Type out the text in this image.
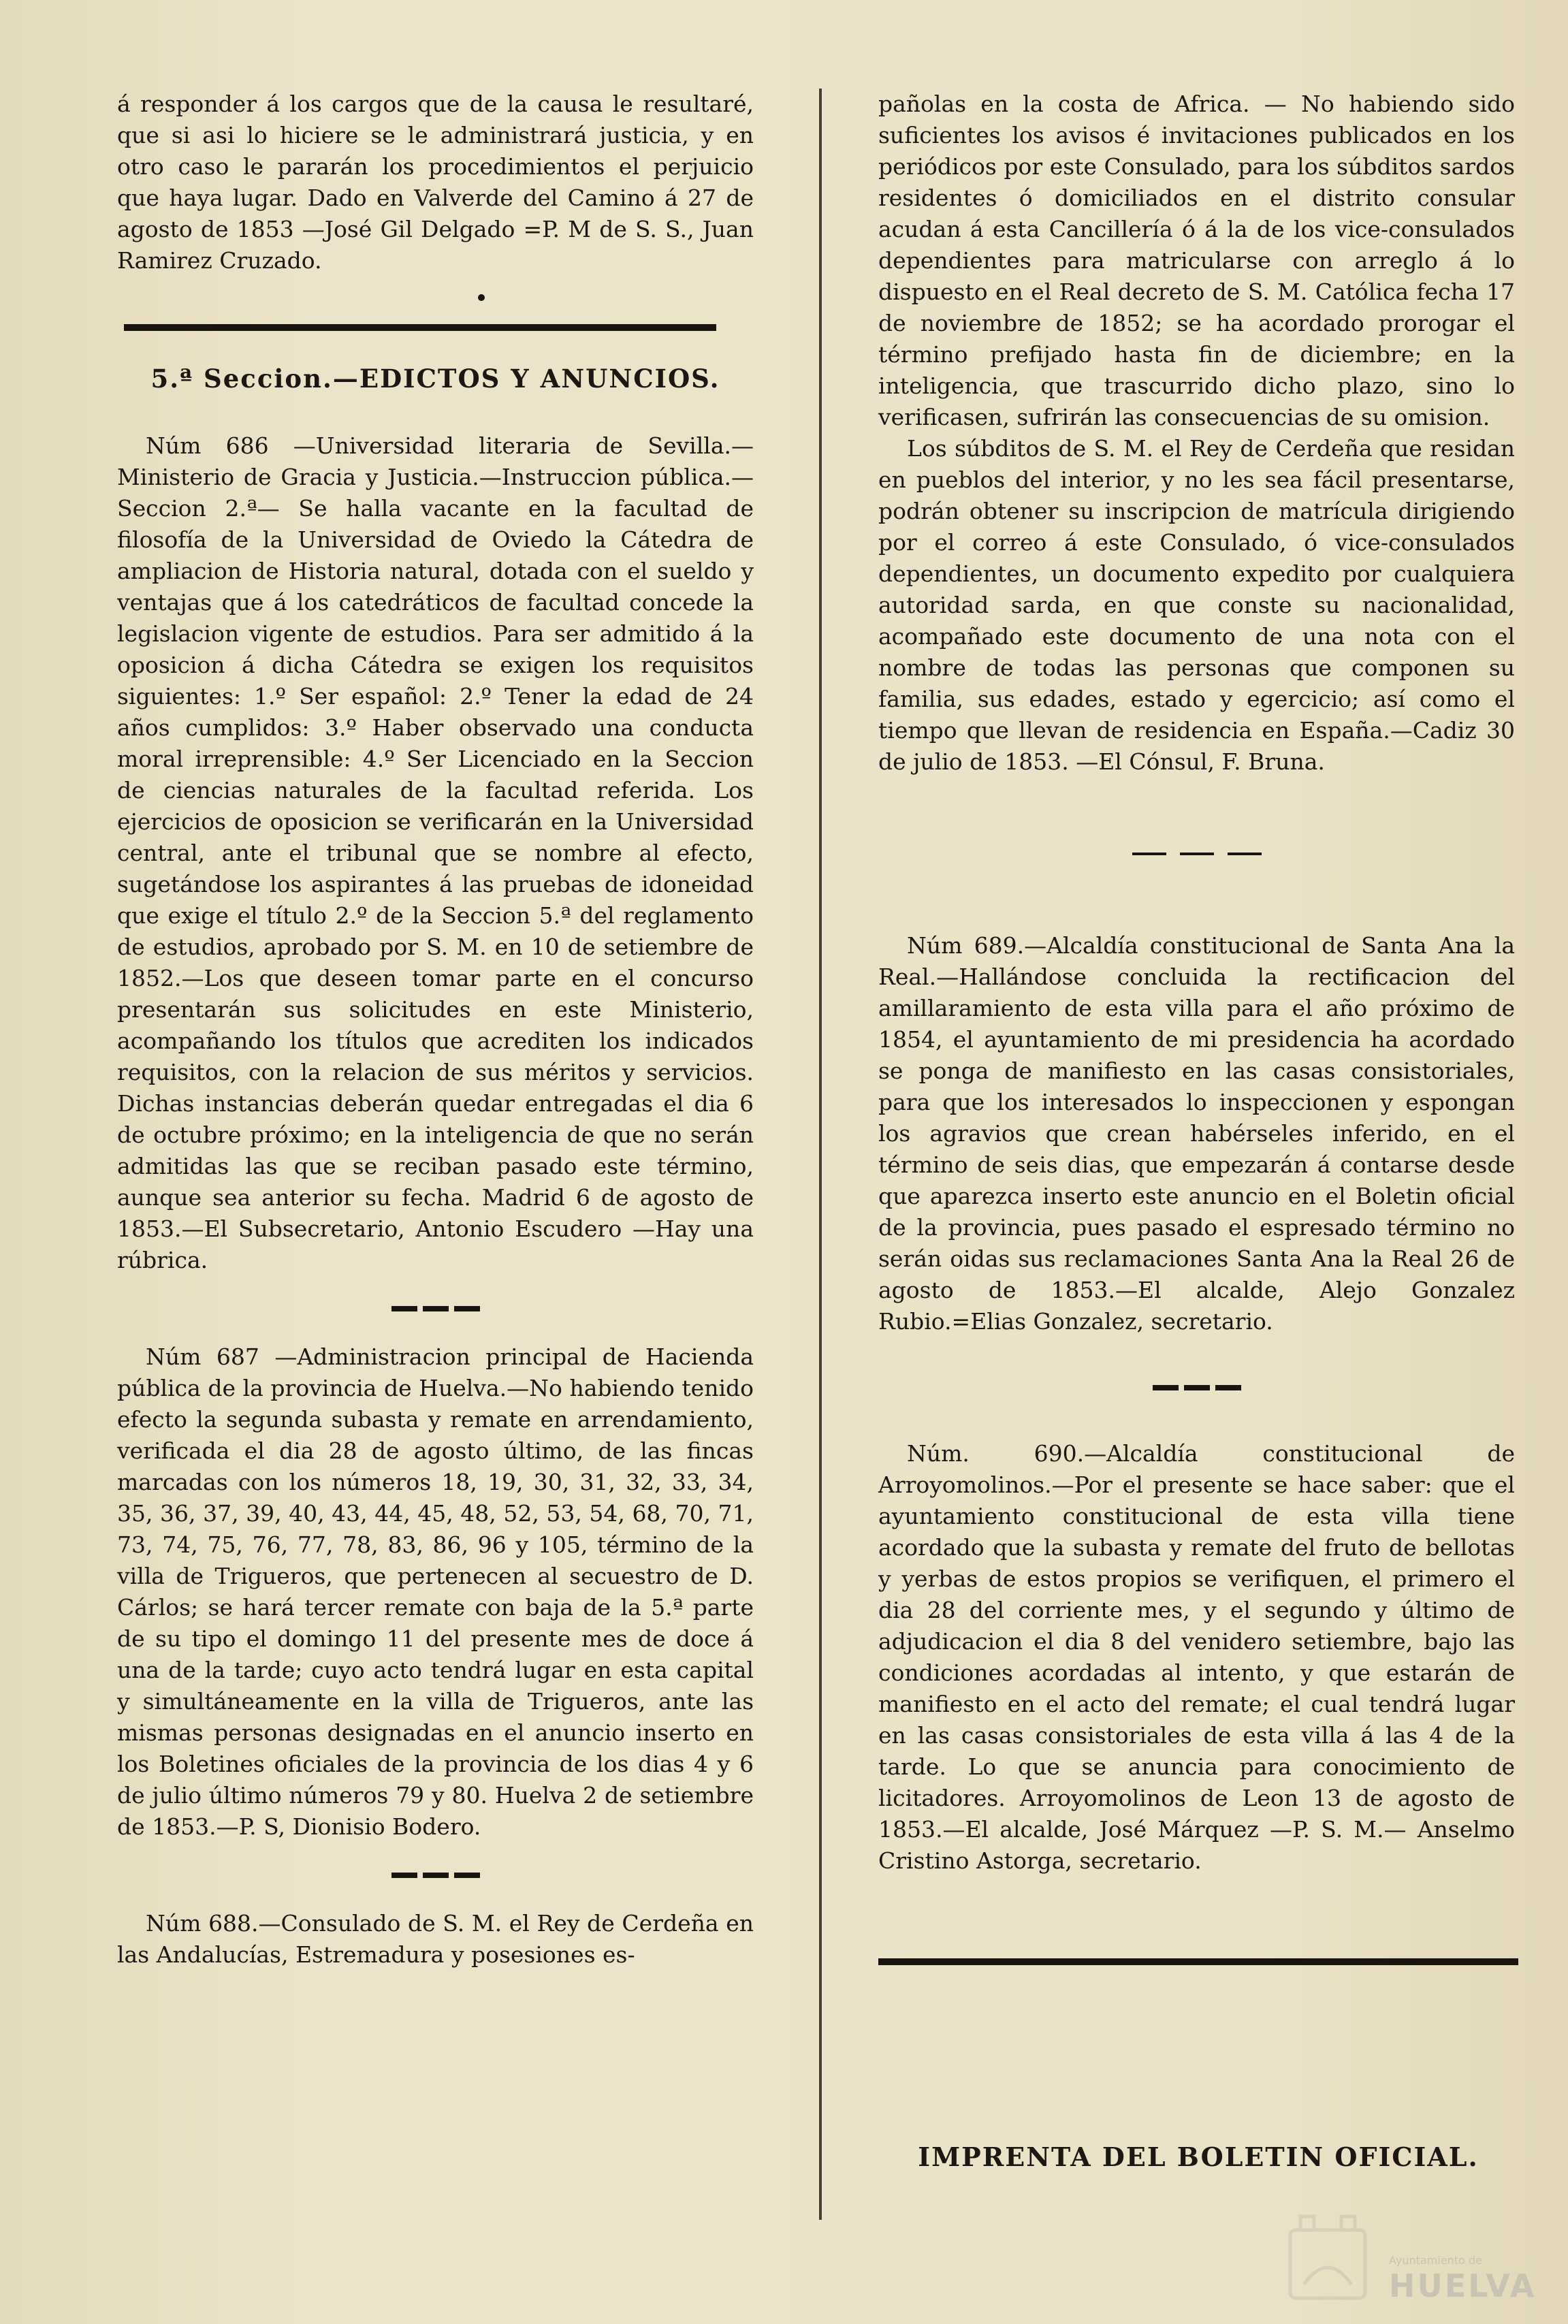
á responder á los cargos que de la causa le resultaré, que si asi lo hiciere se le administrará justicia, y en otro caso le pararán los procedimientos el perjuicio que haya lugar. Dado en Valverde del Camino á 27 de agosto de 1853 —José Gil Delgado =P. M de S. S., Juan Ramirez Cruzado.

5.ª Seccion.—EDICTOS Y ANUNCIOS.

Núm 686 —Universidad literaria de Sevilla.— Ministerio de Gracia y Justicia.—Instruccion pública.—Seccion 2.ª— Se halla vacante en la facultad de filosofía de la Universidad de Oviedo la Cátedra de ampliacion de Historia natural, dotada con el sueldo y ventajas que á los catedráticos de facultad concede la legislacion vigente de estudios. Para ser admitido á la oposicion á dicha Cátedra se exigen los requisitos siguientes: 1.º Ser español: 2.º Tener la edad de 24 años cumplidos: 3.º Haber observado una conducta moral irreprensible: 4.º Ser Licenciado en la Seccion de ciencias naturales de la facultad referida. Los ejercicios de oposicion se verificarán en la Universidad central, ante el tribunal que se nombre al efecto, sugetándose los aspirantes á las pruebas de idoneidad que exige el título 2.º de la Seccion 5.ª del reglamento de estudios, aprobado por S. M. en 10 de setiembre de 1852.—Los que deseen tomar parte en el concurso presentarán sus solicitudes en este Ministerio, acompañando los títulos que acrediten los indicados requisitos, con la relacion de sus méritos y servicios. Dichas instancias deberán quedar entregadas el dia 6 de octubre próximo; en la inteligencia de que no serán admitidas las que se reciban pasado este término, aunque sea anterior su fecha. Madrid 6 de agosto de 1853.—El Subsecretario, Antonio Escudero —Hay una rúbrica.

Núm 687 —Administracion principal de Hacienda pública de la provincia de Huelva.—No habiendo tenido efecto la segunda subasta y remate en arrendamiento, verificada el dia 28 de agosto último, de las fincas marcadas con los números 18, 19, 30, 31, 32, 33, 34, 35, 36, 37, 39, 40, 43, 44, 45, 48, 52, 53, 54, 68, 70, 71, 73, 74, 75, 76, 77, 78, 83, 86, 96 y 105, término de la villa de Trigueros, que pertenecen al secuestro de D. Cárlos; se hará tercer remate con baja de la 5.ª parte de su tipo el domingo 11 del presente mes de doce á una de la tarde; cuyo acto tendrá lugar en esta capital y simultáneamente en la villa de Trigueros, ante las mismas personas designadas en el anuncio inserto en los Boletines oficiales de la provincia de los dias 4 y 6 de julio último números 79 y 80. Huelva 2 de setiembre de 1853.—P. S, Dionisio Bodero.

Núm 688.—Consulado de S. M. el Rey de Cerdeña en las Andalucías, Estremadura y posesiones es-

pañolas en la costa de Africa. — No habiendo sido suficientes los avisos é invitaciones publicados en los periódicos por este Consulado, para los súbditos sardos residentes ó domiciliados en el distrito consular acudan á esta Cancillería ó á la de los vice-consulados dependientes para matricularse con arreglo á lo dispuesto en el Real decreto de S. M. Católica fecha 17 de noviembre de 1852; se ha acordado prorogar el término prefijado hasta fin de diciembre; en la inteligencia, que trascurrido dicho plazo, sino lo verificasen, sufrirán las consecuencias de su omision.

Los súbditos de S. M. el Rey de Cerdeña que residan en pueblos del interior, y no les sea fácil presentarse, podrán obtener su inscripcion de matrícula dirigiendo por el correo á este Consulado, ó vice-consulados dependientes, un documento expedito por cualquiera autoridad sarda, en que conste su nacionalidad, acompañado este documento de una nota con el nombre de todas las personas que componen su familia, sus edades, estado y egercicio; así como el tiempo que llevan de residencia en España.—Cadiz 30 de julio de 1853. —El Cónsul, F. Bruna.

Núm 689.—Alcaldía constitucional de Santa Ana la Real.—Hallándose concluida la rectificacion del amillaramiento de esta villa para el año próximo de 1854, el ayuntamiento de mi presidencia ha acordado se ponga de manifiesto en las casas consistoriales, para que los interesados lo inspeccionen y espongan los agravios que crean habérseles inferido, en el término de seis dias, que empezarán á contarse desde que aparezca inserto este anuncio en el Boletin oficial de la provincia, pues pasado el espresado término no serán oidas sus reclamaciones Santa Ana la Real 26 de agosto de 1853.—El alcalde, Alejo Gonzalez Rubio.=Elias Gonzalez, secretario.

Núm. 690.—Alcaldía constitucional de Arroyomolinos.—Por el presente se hace saber: que el ayuntamiento constitucional de esta villa tiene acordado que la subasta y remate del fruto de bellotas y yerbas de estos propios se verifiquen, el primero el dia 28 del corriente mes, y el segundo y último de adjudicacion el dia 8 del venidero setiembre, bajo las condiciones acordadas al intento, y que estarán de manifiesto en el acto del remate; el cual tendrá lugar en las casas consistoriales de esta villa á las 4 de la tarde. Lo que se anuncia para conocimiento de licitadores. Arroyomolinos de Leon 13 de agosto de 1853.—El alcalde, José Márquez —P. S. M.— Anselmo Cristino Astorga, secretario.

IMPRENTA DEL BOLETIN OFICIAL.
Ayuntamiento de
HUELVA
